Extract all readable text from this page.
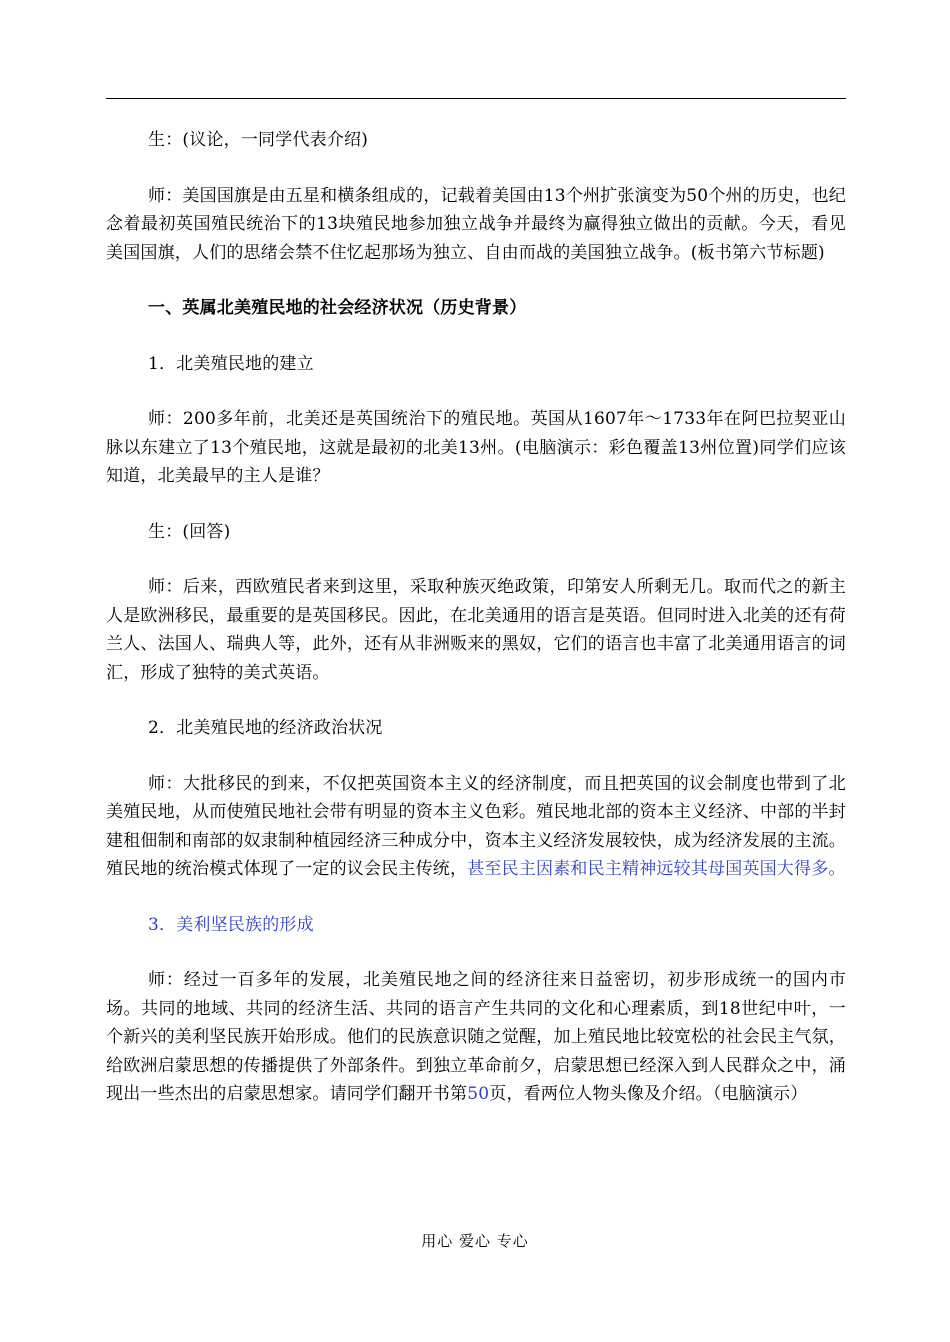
生：(议论，一同学代表介绍)

师：美国国旗是由五星和横条组成的，记载着美国由13个州扩张演变为50个州的历史，也纪念着最初英国殖民统治下的13块殖民地参加独立战争并最终为赢得独立做出的贡献。今天，看见美国国旗，人们的思绪会禁不住忆起那场为独立、自由而战的美国独立战争。(板书第六节标题)

一、英属北美殖民地的社会经济状况（历史背景）

1．北美殖民地的建立

师：200多年前，北美还是英国统治下的殖民地。英国从1607年～1733年在阿巴拉契亚山脉以东建立了13个殖民地，这就是最初的北美13州。(电脑演示：彩色覆盖13州位置)同学们应该知道，北美最早的主人是谁？

生：(回答)

师：后来，西欧殖民者来到这里，采取种族灭绝政策，印第安人所剩无几。取而代之的新主人是欧洲移民，最重要的是英国移民。因此，在北美通用的语言是英语。但同时进入北美的还有荷兰人、法国人、瑞典人等，此外，还有从非洲贩来的黑奴，它们的语言也丰富了北美通用语言的词汇，形成了独特的美式英语。

2．北美殖民地的经济政治状况

师：大批移民的到来，不仅把英国资本主义的经济制度，而且把英国的议会制度也带到了北美殖民地，从而使殖民地社会带有明显的资本主义色彩。殖民地北部的资本主义经济、中部的半封建租佃制和南部的奴隶制种植园经济三种成分中，资本主义经济发展较快，成为经济发展的主流。殖民地的统治模式体现了一定的议会民主传统，甚至民主因素和民主精神远较其母国英国大得多。

3．美利坚民族的形成

师：经过一百多年的发展，北美殖民地之间的经济往来日益密切，初步形成统一的国内市场。共同的地域、共同的经济生活、共同的语言产生共同的文化和心理素质，到18世纪中叶，一个新兴的美利坚民族开始形成。他们的民族意识随之觉醒，加上殖民地比较宽松的社会民主气氛，给欧洲启蒙思想的传播提供了外部条件。到独立革命前夕，启蒙思想已经深入到人民群众之中，涌现出一些杰出的启蒙思想家。请同学们翻开书第50页，看两位人物头像及介绍。（电脑演示）

用心 爱心 专心
